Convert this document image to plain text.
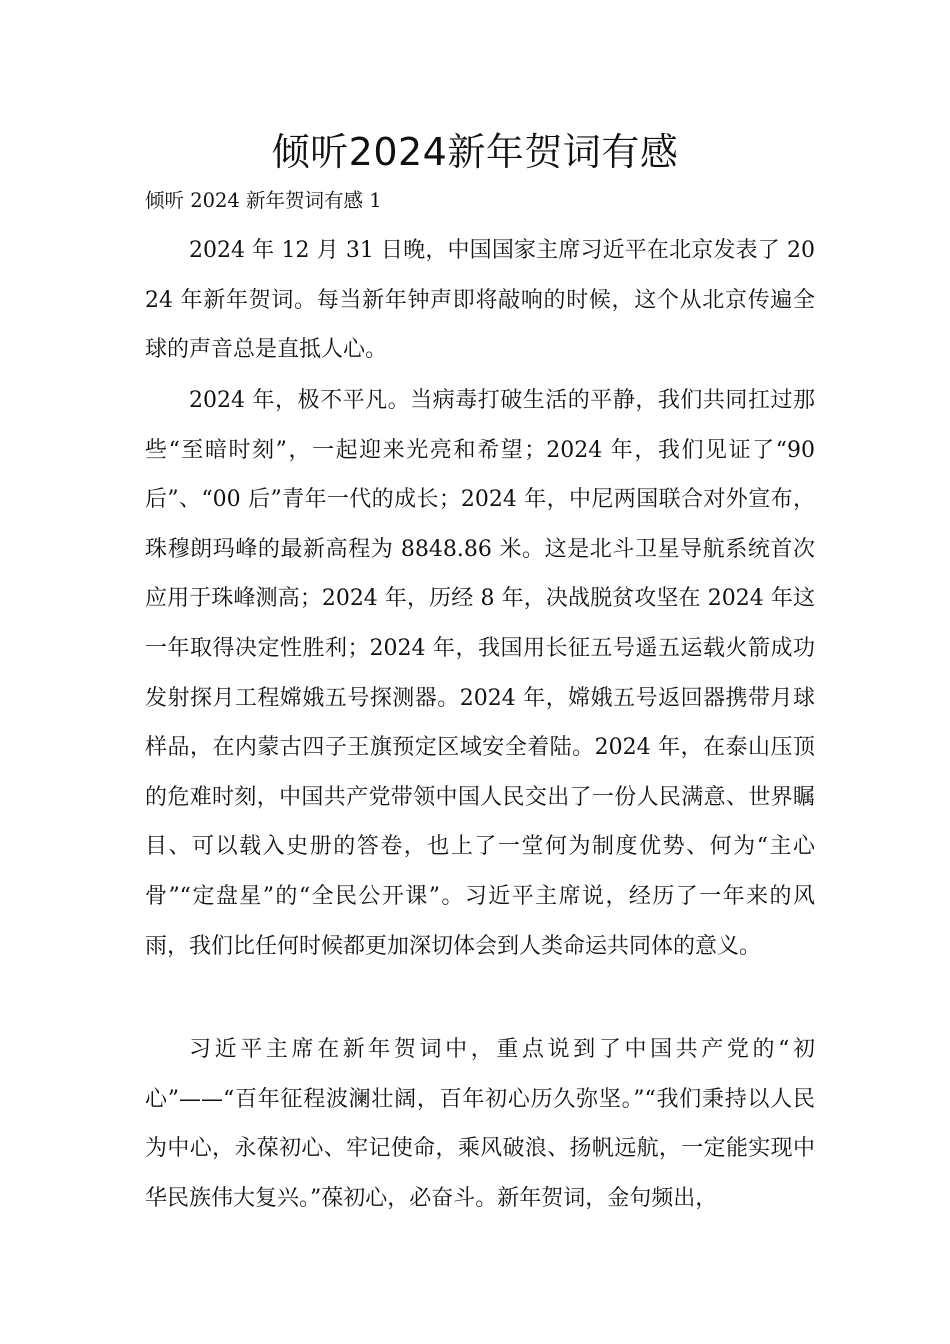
倾听2024新年贺词有感

倾听 2024 新年贺词有感 1

2024 年 12 月 31 日晚，中国国家主席习近平在北京发表了 2024 年新年贺词。每当新年钟声即将敲响的时候，这个从北京传遍全球的声音总是直抵人心。

2024 年，极不平凡。当病毒打破生活的平静，我们共同扛过那些“至暗时刻”，一起迎来光亮和希望；2024 年，我们见证了“90 后”、“00 后”青年一代的成长；2024 年，中尼两国联合对外宣布，珠穆朗玛峰的最新高程为 8848.86 米。这是北斗卫星导航系统首次应用于珠峰测高；2024 年，历经 8 年，决战脱贫攻坚在 2024 年这一年取得决定性胜利；2024 年，我国用长征五号遥五运载火箭成功发射探月工程嫦娥五号探测器。2024 年，嫦娥五号返回器携带月球样品，在内蒙古四子王旗预定区域安全着陆。2024 年，在泰山压顶的危难时刻，中国共产党带领中国人民交出了一份人民满意、世界瞩目、可以载入史册的答卷，也上了一堂何为制度优势、何为“主心骨”“定盘星”的“全民公开课”。习近平主席说，经历了一年来的风雨，我们比任何时候都更加深切体会到人类命运共同体的意义。

习近平主席在新年贺词中，重点说到了中国共产党的“初心”——“百年征程波澜壮阔，百年初心历久弥坚。”“我们秉持以人民为中心，永葆初心、牢记使命，乘风破浪、扬帆远航，一定能实现中华民族伟大复兴。”葆初心，必奋斗。新年贺词，金句频出，
